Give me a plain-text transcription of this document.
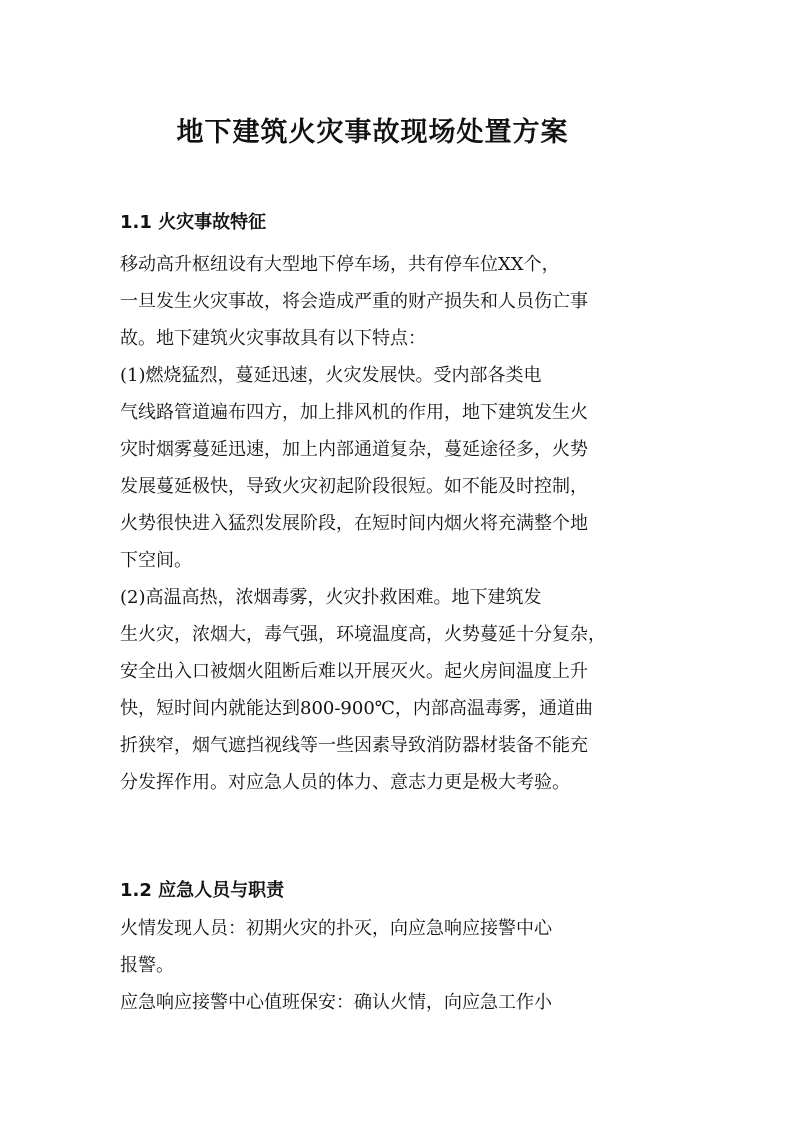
地下建筑火灾事故现场处置方案
1.1 火灾事故特征
移动高升枢纽设有大型地下停车场，共有停车位XX个，
一旦发生火灾事故，将会造成严重的财产损失和人员伤亡事
故。地下建筑火灾事故具有以下特点：
(1)燃烧猛烈，蔓延迅速，火灾发展快。受内部各类电
气线路管道遍布四方，加上排风机的作用，地下建筑发生火
灾时烟雾蔓延迅速，加上内部通道复杂，蔓延途径多，火势
发展蔓延极快，导致火灾初起阶段很短。如不能及时控制，
火势很快进入猛烈发展阶段，在短时间内烟火将充满整个地
下空间。
(2)高温高热，浓烟毒雾，火灾扑救困难。地下建筑发
生火灾，浓烟大，毒气强，环境温度高，火势蔓延十分复杂，
安全出入口被烟火阻断后难以开展灭火。起火房间温度上升
快，短时间内就能达到800-900℃，内部高温毒雾，通道曲
折狭窄，烟气遮挡视线等一些因素导致消防器材装备不能充
分发挥作用。对应急人员的体力、意志力更是极大考验。
1.2 应急人员与职责
火情发现人员：初期火灾的扑灭，向应急响应接警中心
报警。
应急响应接警中心值班保安：确认火情，向应急工作小
